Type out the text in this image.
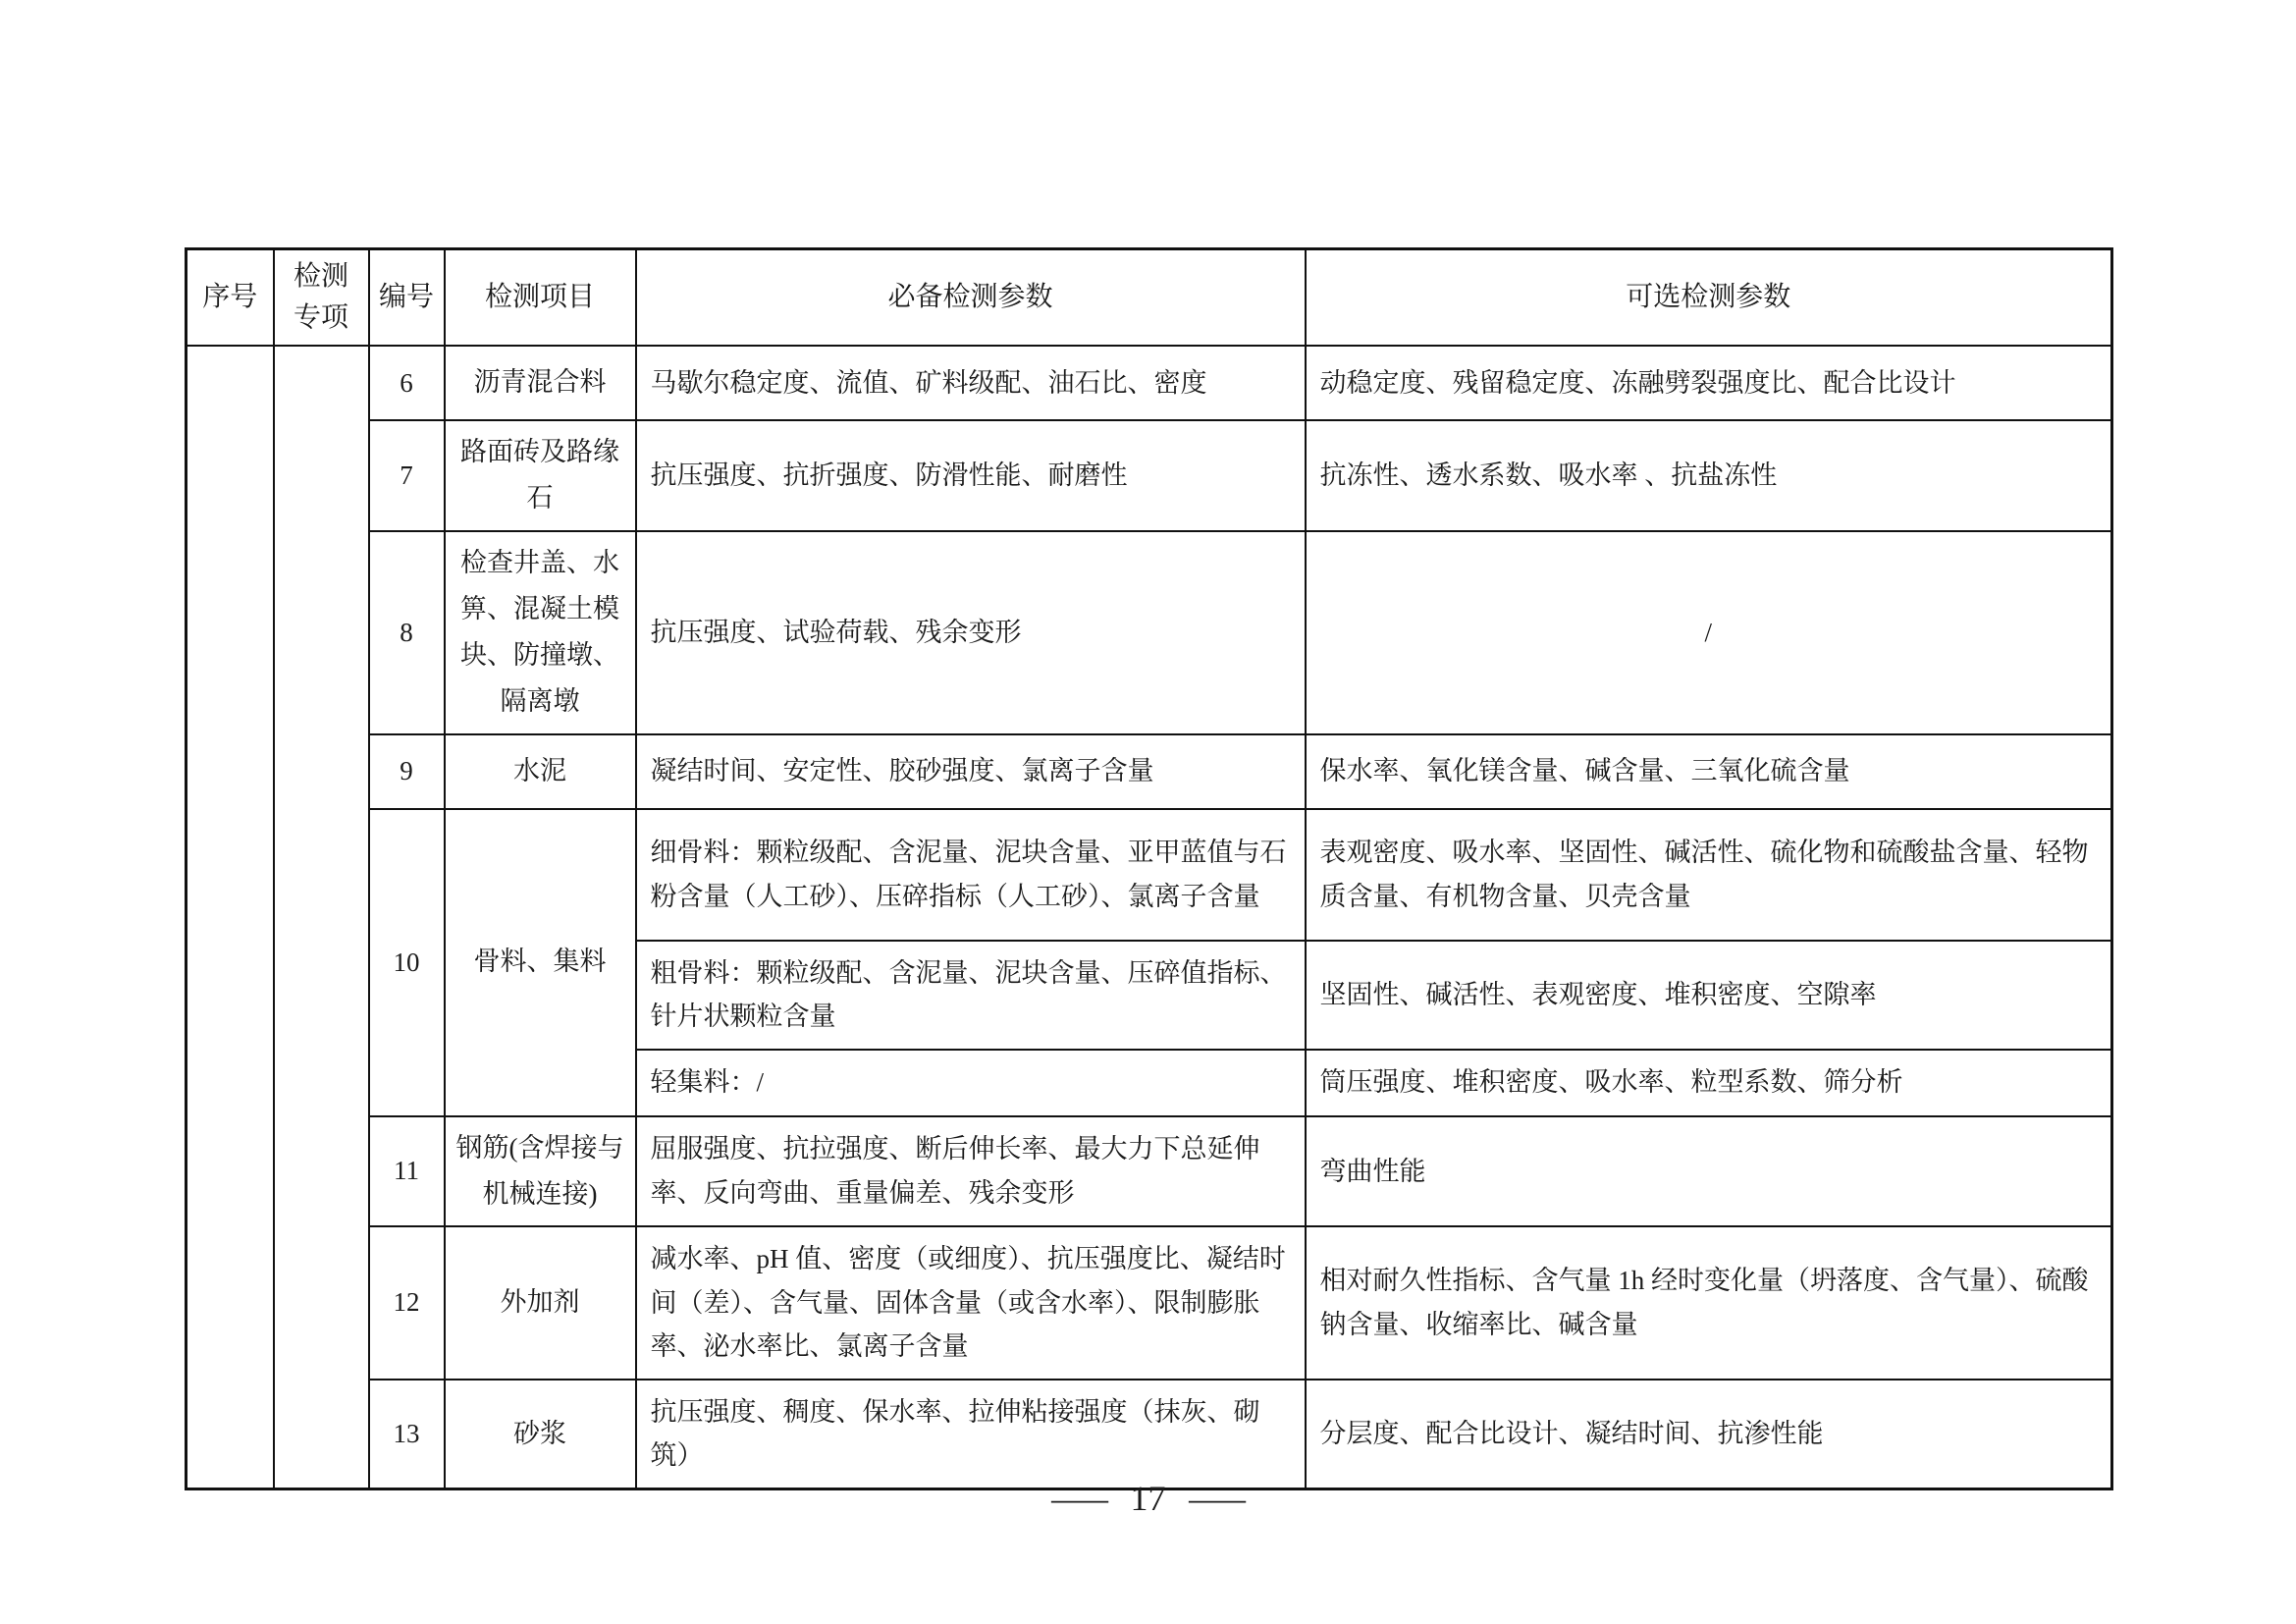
序号	检测专项	编号	检测项目	必备检测参数	可选检测参数
		6	沥青混合料	马歇尔稳定度、流值、矿料级配、油石比、密度	动稳定度、残留稳定度、冻融劈裂强度比、配合比设计
		7	路面砖及路缘石	抗压强度、抗折强度、防滑性能、耐磨性	抗冻性、透水系数、吸水率 、抗盐冻性
		8	检查井盖、水箅、混凝土模块、防撞墩、隔离墩	抗压强度、试验荷载、残余变形	/
		9	水泥	凝结时间、安定性、胶砂强度、氯离子含量	保水率、氧化镁含量、碱含量、三氧化硫含量
		10	骨料、集料	细骨料：颗粒级配、含泥量、泥块含量、亚甲蓝值与石粉含量（人工砂）、压碎指标（人工砂）、氯离子含量	表观密度、吸水率、坚固性、碱活性、硫化物和硫酸盐含量、轻物质含量、有机物含量、贝壳含量
				粗骨料：颗粒级配、含泥量、泥块含量、压碎值指标、针片状颗粒含量	坚固性、碱活性、表观密度、堆积密度、空隙率
				轻集料：/	筒压强度、堆积密度、吸水率、粒型系数、筛分析
		11	钢筋(含焊接与机械连接)	屈服强度、抗拉强度、断后伸长率、最大力下总延伸率、反向弯曲、重量偏差、残余变形	弯曲性能
		12	外加剂	减水率、pH 值、密度（或细度）、抗压强度比、凝结时间（差）、含气量、固体含量（或含水率）、限制膨胀率、泌水率比、氯离子含量	相对耐久性指标、含气量 1h 经时变化量（坍落度、含气量）、硫酸钠含量、收缩率比、碱含量
		13	砂浆	抗压强度、稠度、保水率、拉伸粘接强度（抹灰、砌筑）	分层度、配合比设计、凝结时间、抗渗性能
— 17 —
